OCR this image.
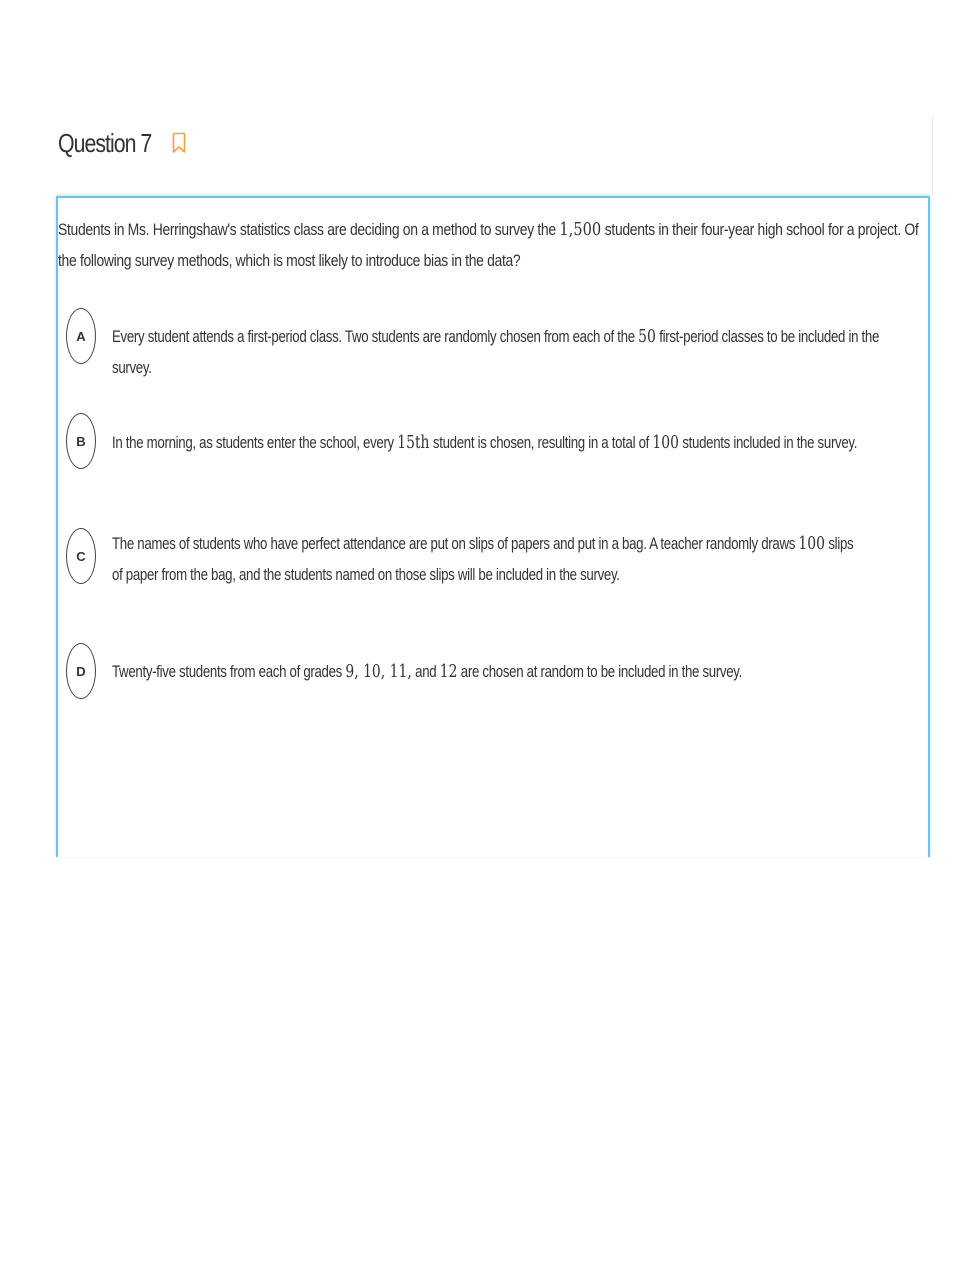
Question 7
Students in Ms. Herringshaw's statistics class are deciding on a method to survey the 1,500 students in their four-year high school for a project. Of the following survey methods, which is most likely to introduce bias in the data?
A Every student attends a first-period class. Two students are randomly chosen from each of the 50 first-period classes to be included in the survey.
B In the morning, as students enter the school, every 15th student is chosen, resulting in a total of 100 students included in the survey.
C
The names of students who have perfect attendance are put on slips of papers and put in a bag. A teacher randomly draws 100 slips of paper from the bag, and the students named on those slips will be included in the survey.
D Twenty-five students from each of grades 9, 10, 11, and 12 are chosen at random to be included in the survey.
